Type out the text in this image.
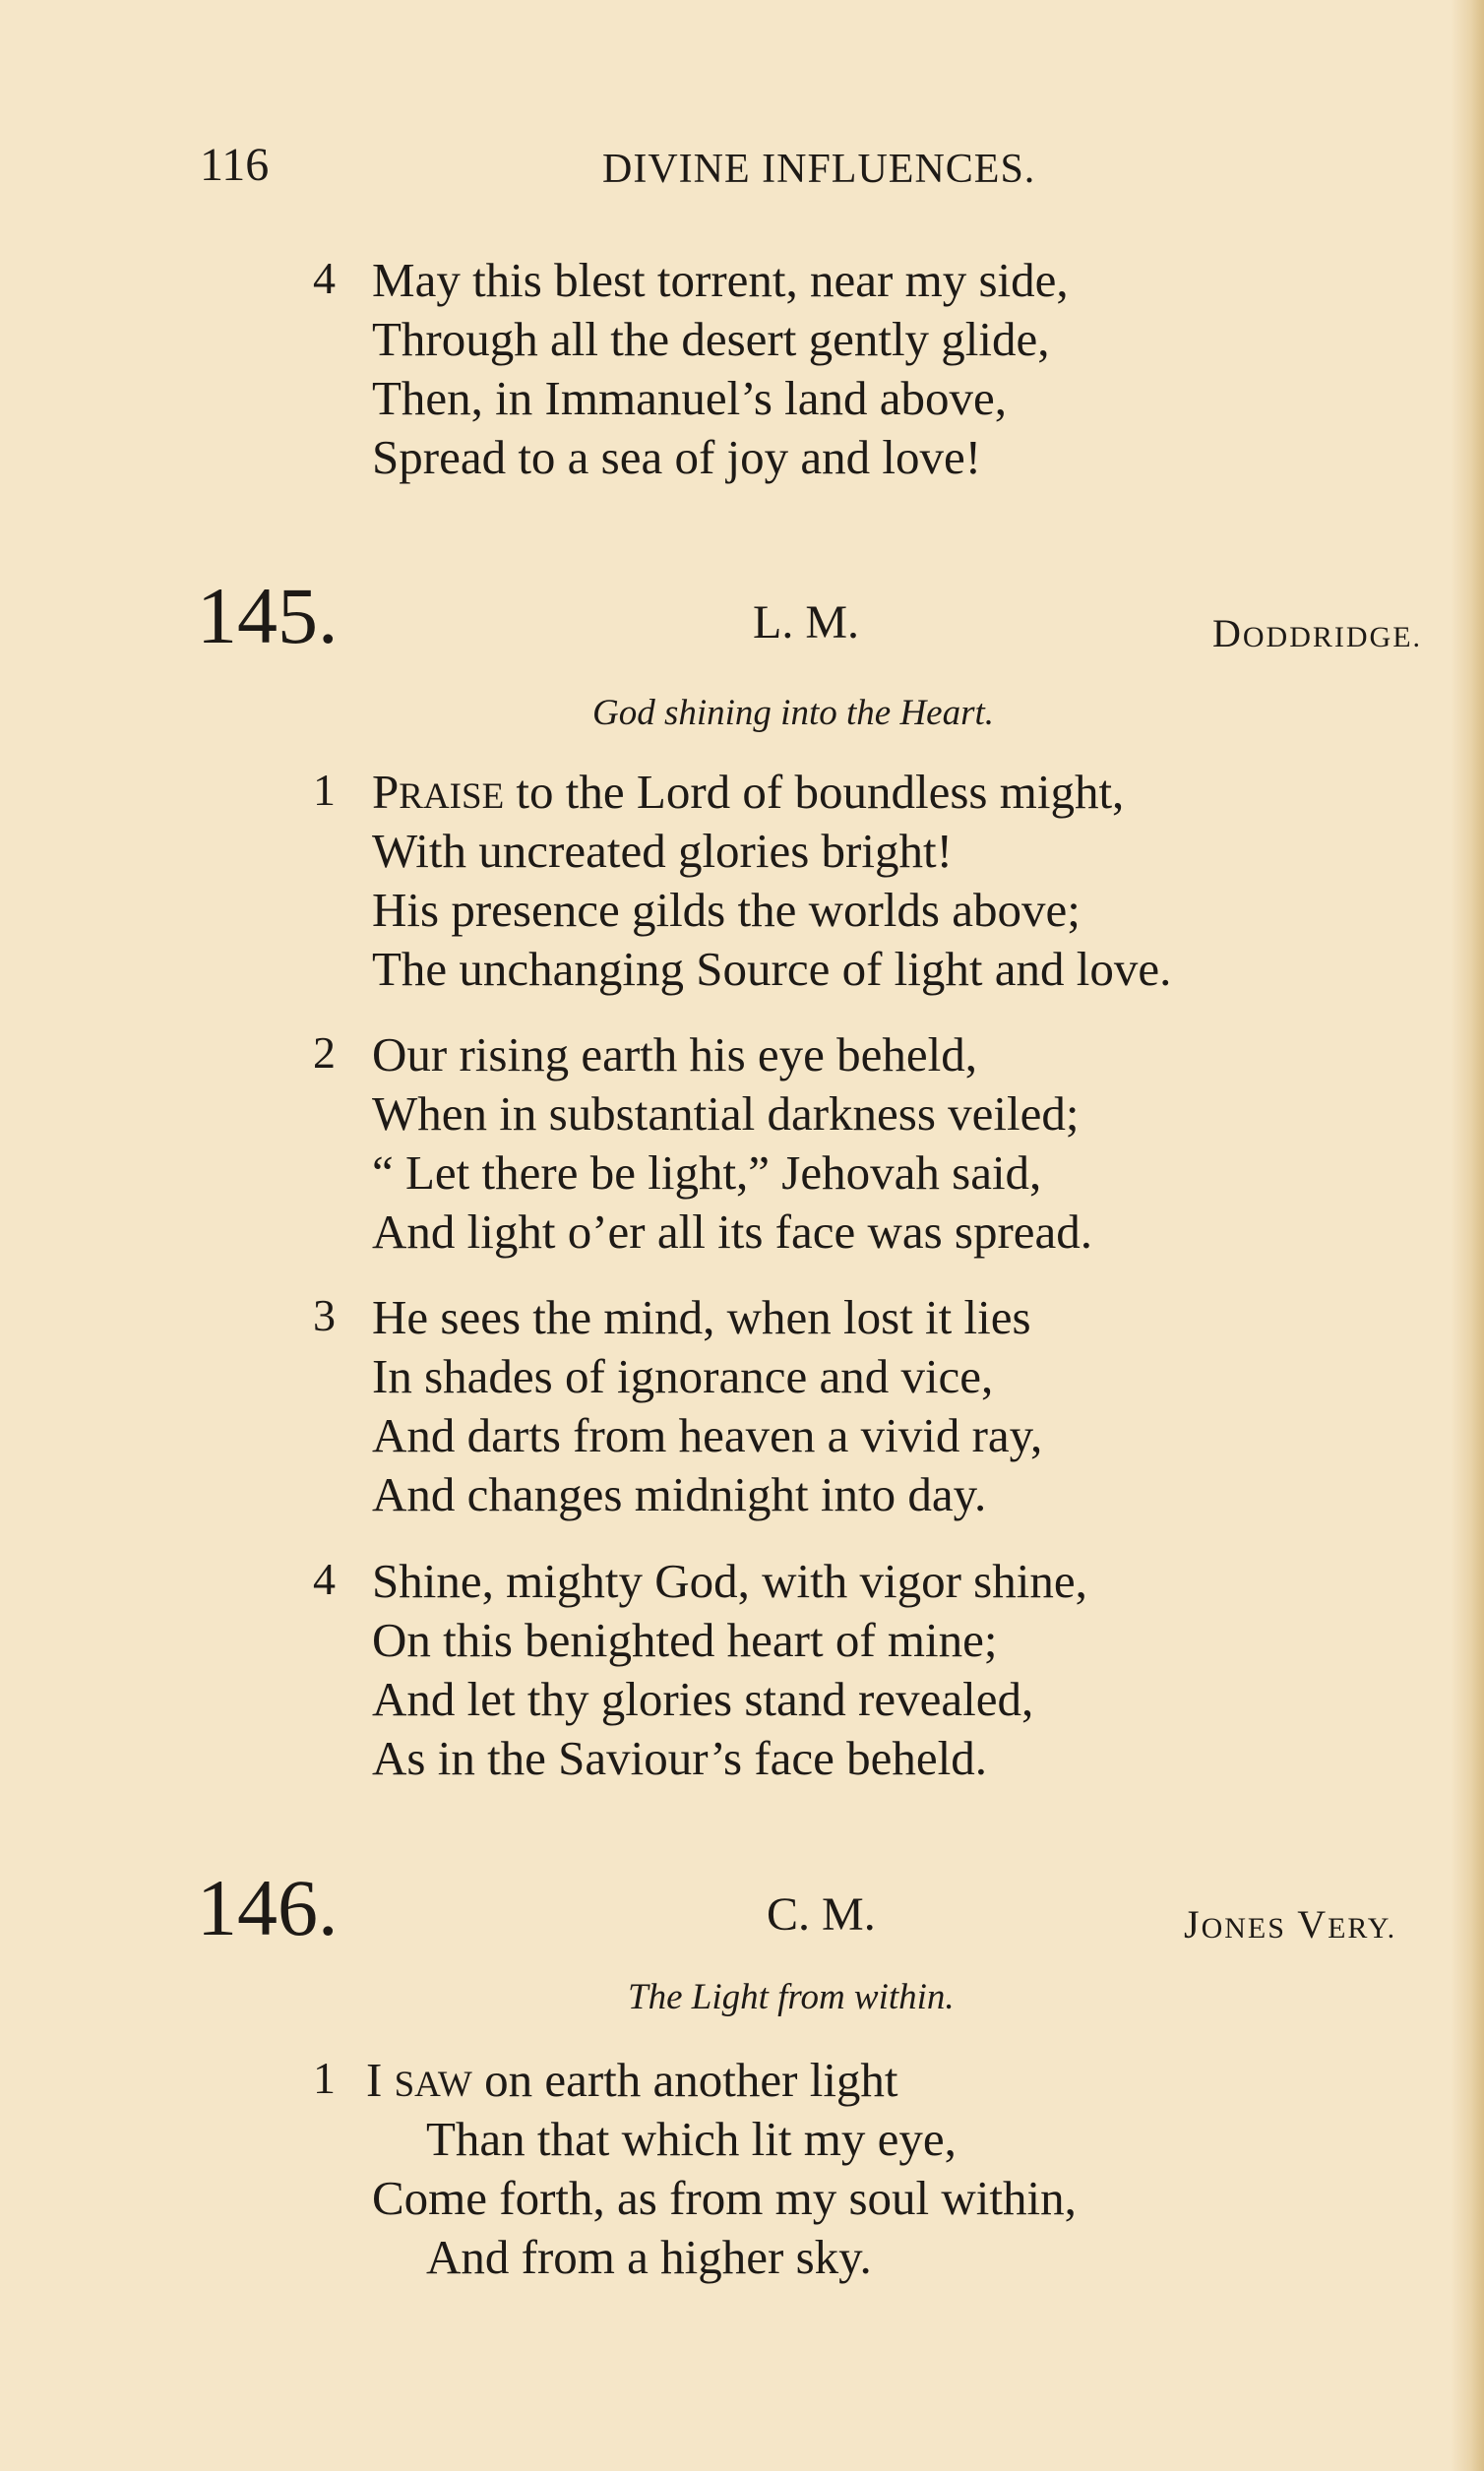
116	DIVINE INFLUENCES.
4 May this blest torrent, near my side,
Through all the desert gently glide,
Then, in Immanuel’s land above,
Spread to a sea of joy and love!
145.	L. M.	DODDRIDGE.
God shining into the Heart.
1 PRAISE to the Lord of boundless might,
With uncreated glories bright!
His presence gilds the worlds above;
The unchanging Source of light and love.
2 Our rising earth his eye beheld,
When in substantial darkness veiled;
“ Let there be light,” Jehovah said,
And light o’er all its face was spread.
3 He sees the mind, when lost it lies
In shades of ignorance and vice,
And darts from heaven a vivid ray,
And changes midnight into day.
4 Shine, mighty God, with vigor shine,
On this benighted heart of mine;
And let thy glories stand revealed,
As in the Saviour’s face beheld.
146.	C. M.	JONES VERY.
The Light from within.
1 I SAW on earth another light
Than that which lit my eye,
Come forth, as from my soul within,
And from a higher sky.
